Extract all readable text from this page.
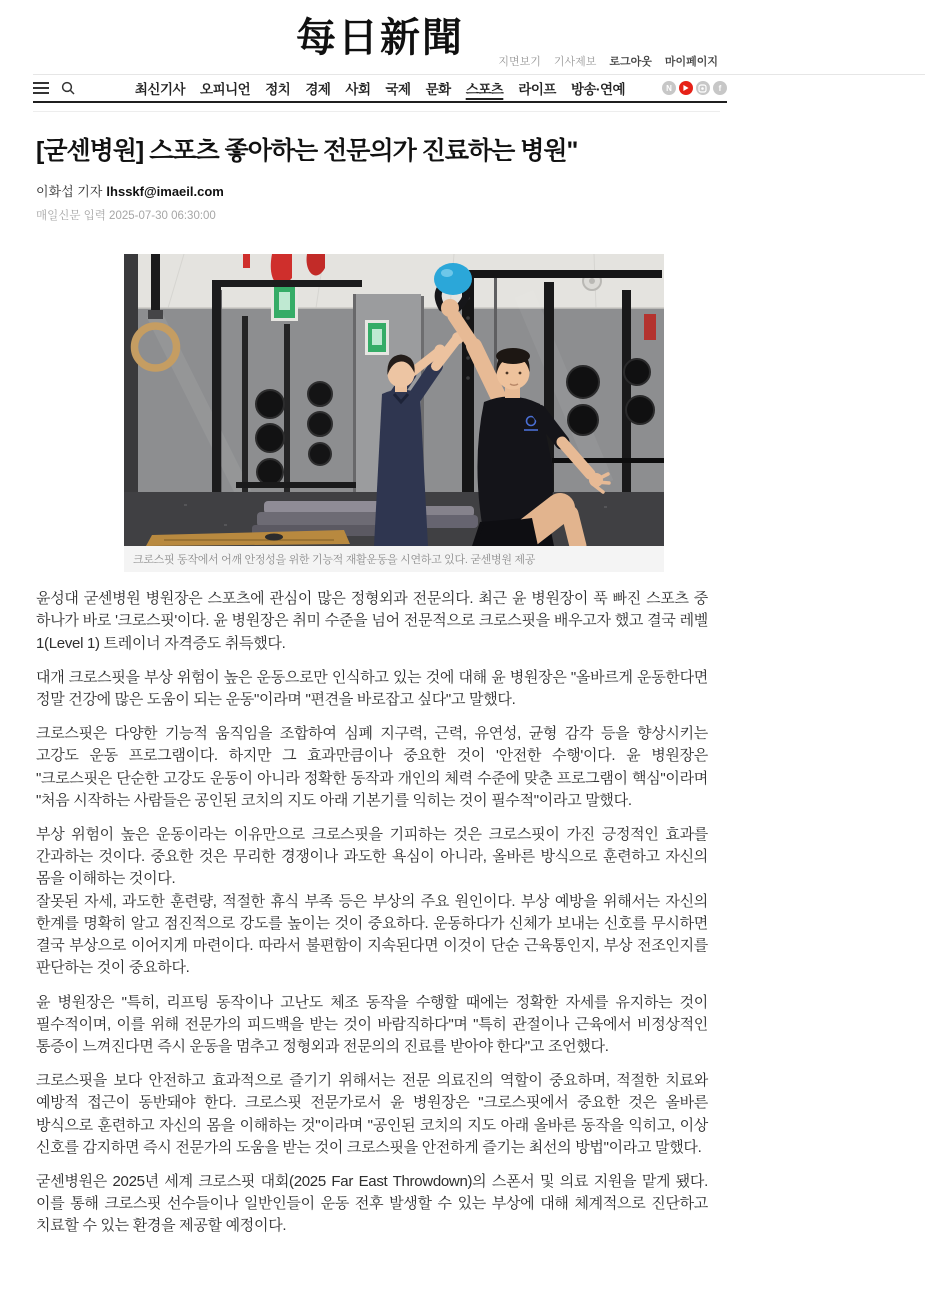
每日新聞
지면보기 기사제보 로그아웃 마이페이지
최신기사 오피니언 정치 경제 사회 국제 문화 스포츠 라이프 방송·연예	N	f
[굳센병원] 스포츠 좋아하는 전문의가 진료하는 병원"
이화섭 기자 lhsskf@imaeil.com
매일신문 입력 2025-07-30 06:30:00
크로스핏 동작에서 어깨 안정성을 위한 기능적 재활운동을 시연하고 있다. 굳센병원 제공

윤성대 굳센병원 병원장은 스포츠에 관심이 많은 정형외과 전문의다. 최근 윤 병원장이 푹 빠진 스포츠 중 하나가 바로 '크로스핏'이다. 윤 병원장은 취미 수준을 넘어 전문적으로 크로스핏을 배우고자 했고 결국 레벨 1(Level 1) 트레이너 자격증도 취득했다.

대개 크로스핏을 부상 위험이 높은 운동으로만 인식하고 있는 것에 대해 윤 병원장은 "올바르게 운동한다면 정말 건강에 많은 도움이 되는 운동"이라며 "편견을 바로잡고 싶다"고 말했다.

크로스핏은 다양한 기능적 움직임을 조합하여 심폐 지구력, 근력, 유연성, 균형 감각 등을 향상시키는 고강도 운동 프로그램이다. 하지만 그 효과만큼이나 중요한 것이 '안전한 수행'이다. 윤 병원장은 "크로스핏은 단순한 고강도 운동이 아니라 정확한 동작과 개인의 체력 수준에 맞춘 프로그램이 핵심"이라며 "처음 시작하는 사람들은 공인된 코치의 지도 아래 기본기를 익히는 것이 필수적"이라고 말했다.

부상 위험이 높은 운동이라는 이유만으로 크로스핏을 기피하는 것은 크로스핏이 가진 긍정적인 효과를 간과하는 것이다. 중요한 것은 무리한 경쟁이나 과도한 욕심이 아니라, 올바른 방식으로 훈련하고 자신의 몸을 이해하는 것이다.

잘못된 자세, 과도한 훈련량, 적절한 휴식 부족 등은 부상의 주요 원인이다. 부상 예방을 위해서는 자신의 한계를 명확히 알고 점진적으로 강도를 높이는 것이 중요하다. 운동하다가 신체가 보내는 신호를 무시하면 결국 부상으로 이어지게 마련이다. 따라서 불편함이 지속된다면 이것이 단순 근육통인지, 부상 전조인지를 판단하는 것이 중요하다.

윤 병원장은 "특히, 리프팅 동작이나 고난도 체조 동작을 수행할 때에는 정확한 자세를 유지하는 것이 필수적이며, 이를 위해 전문가의 피드백을 받는 것이 바람직하다"며 "특히 관절이나 근육에서 비정상적인 통증이 느껴진다면 즉시 운동을 멈추고 정형외과 전문의의 진료를 받아야 한다"고 조언했다.

크로스핏을 보다 안전하고 효과적으로 즐기기 위해서는 전문 의료진의 역할이 중요하며, 적절한 치료와 예방적 접근이 동반돼야 한다. 크로스핏 전문가로서 윤 병원장은 "크로스핏에서 중요한 것은 올바른 방식으로 훈련하고 자신의 몸을 이해하는 것"이라며 "공인된 코치의 지도 아래 올바른 동작을 익히고, 이상 신호를 감지하면 즉시 전문가의 도움을 받는 것이 크로스핏을 안전하게 즐기는 최선의 방법"이라고 말했다.

굳센병원은 2025년 세계 크로스핏 대회(2025 Far East Throwdown)의 스폰서 및 의료 지원을 맡게 됐다. 이를 통해 크로스핏 선수들이나 일반인들이 운동 전후 발생할 수 있는 부상에 대해 체계적으로 진단하고 치료할 수 있는 환경을 제공할 예정이다.
